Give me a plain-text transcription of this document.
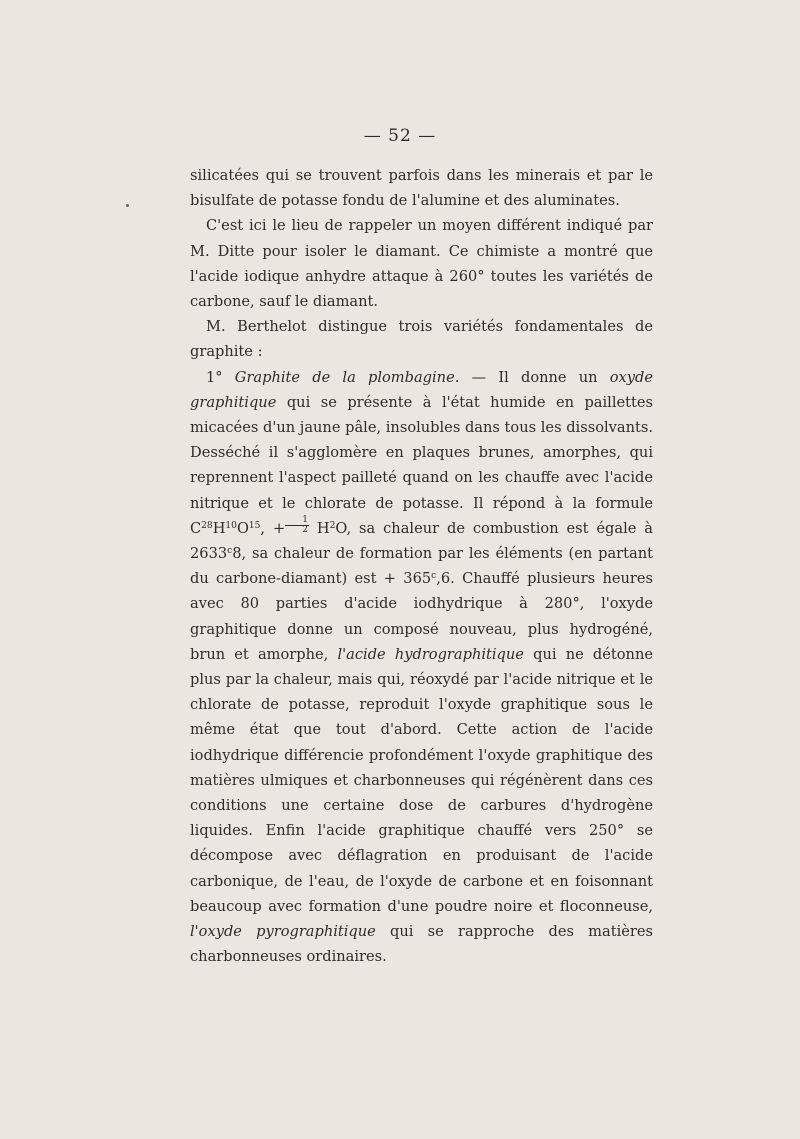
— 52 —

silicatées qui se trouvent parfois dans les minerais et par le bisulfate de potasse fondu de l'alumine et des aluminates.

C'est ici le lieu de rappeler un moyen différent indiqué par M. Ditte pour isoler le diamant. Ce chimiste a montré que l'acide iodique anhydre attaque à 260° toutes les variétés de carbone, sauf le diamant.

M. Berthelot distingue trois variétés fondamentales de graphite :

1° Graphite de la plombagine. — Il donne un oxyde graphitique qui se présente à l'état humide en paillettes micacées d'un jaune pâle, insolubles dans tous les dissolvants. Desséché il s'agglomère en plaques brunes, amorphes, qui reprennent l'aspect pailleté quand on les chauffe avec l'acide nitrique et le chlorate de potasse. Il répond à la formule $C^{28}H^{10}O^{15}$, + $\frac{1}{2} H^2O$, sa chaleur de combustion est égale à 2633$^c$8, sa chaleur de formation par les éléments (en partant du carbone-diamant) est + $365^c,6$. Chauffé plusieurs heures avec 80 parties d'acide iodhydrique à 280°, l'oxyde graphitique donne un composé nouveau, plus hydrogéné, brun et amorphe, l'acide hydrographitique qui ne détonne plus par la chaleur, mais qui, réoxydé par l'acide nitrique et le chlorate de potasse, reproduit l'oxyde graphitique sous le même état que tout d'abord. Cette action de l'acide iodhydrique différencie profondément l'oxyde graphitique des matières ulmiques et charbonneuses qui régénèrent dans ces conditions une certaine dose de carbures d'hydrogène liquides. Enfin l'acide graphitique chauffé vers 250° se décompose avec déflagration en produisant de l'acide carbonique, de l'eau, de l'oxyde de carbone et en foisonnant beaucoup avec formation d'une poudre noire et floconneuse, l'oxyde pyrographitique qui se rapproche des matières charbonneuses ordinaires.
